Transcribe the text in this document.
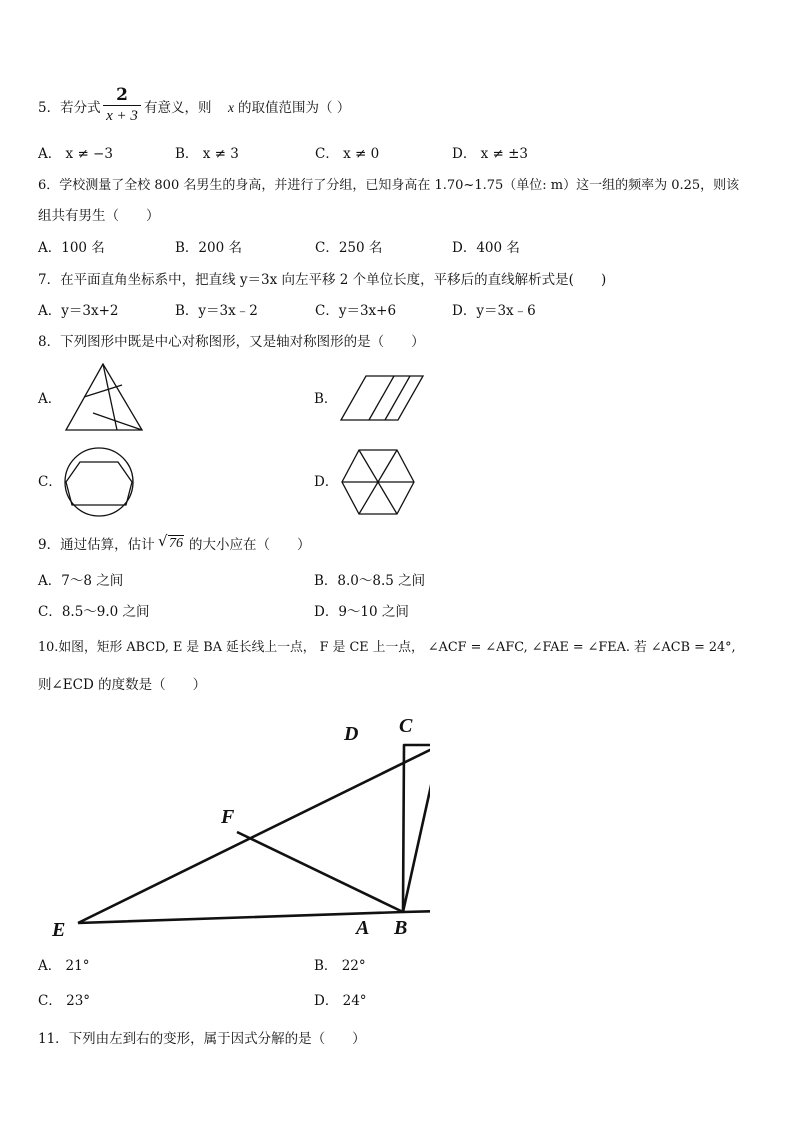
5．若分式
2
x + 3 有意义，则 x 的取值范围为（ ）
A． x ≠ −3	B． x ≠ 3	C． x ≠ 0	D． x ≠ ±3
6．学校测量了全校 800 名男生的身高，并进行了分组，已知身高在 1.70~1.75（单位: m）这一组的频率为 0.25，则该
组共有男生（　　）
A．100 名	B．200 名	C．250 名	D．400 名
7．在平面直角坐标系中，把直线 y＝3x 向左平移 2 个单位长度，平移后的直线解析式是(　　)
A．y＝3x+2	B．y＝3x﹣2	C．y＝3x+6	D．y＝3x﹣6
8．下列图形中既是中心对称图形，又是轴对称图形的是（　　）
A．	B．
C．	D．
9．通过估算，估计 √ 76 的大小应在（　　）
A．7～8 之间	B．8.0～8.5 之间
C．8.5～9.0 之间	D．9～10 之间
10.如图，矩形 ABCD, E 是 BA 延长线上一点， F 是 CE 上一点， ∠ACF = ∠AFC, ∠FAE = ∠FEA. 若 ∠ACB = 24°,
则∠ECD 的度数是（　　）
D C
F
E	A B
A． 21°	B． 22°
C． 23°	D． 24°
11．下列由左到右的变形，属于因式分解的是（　　）
